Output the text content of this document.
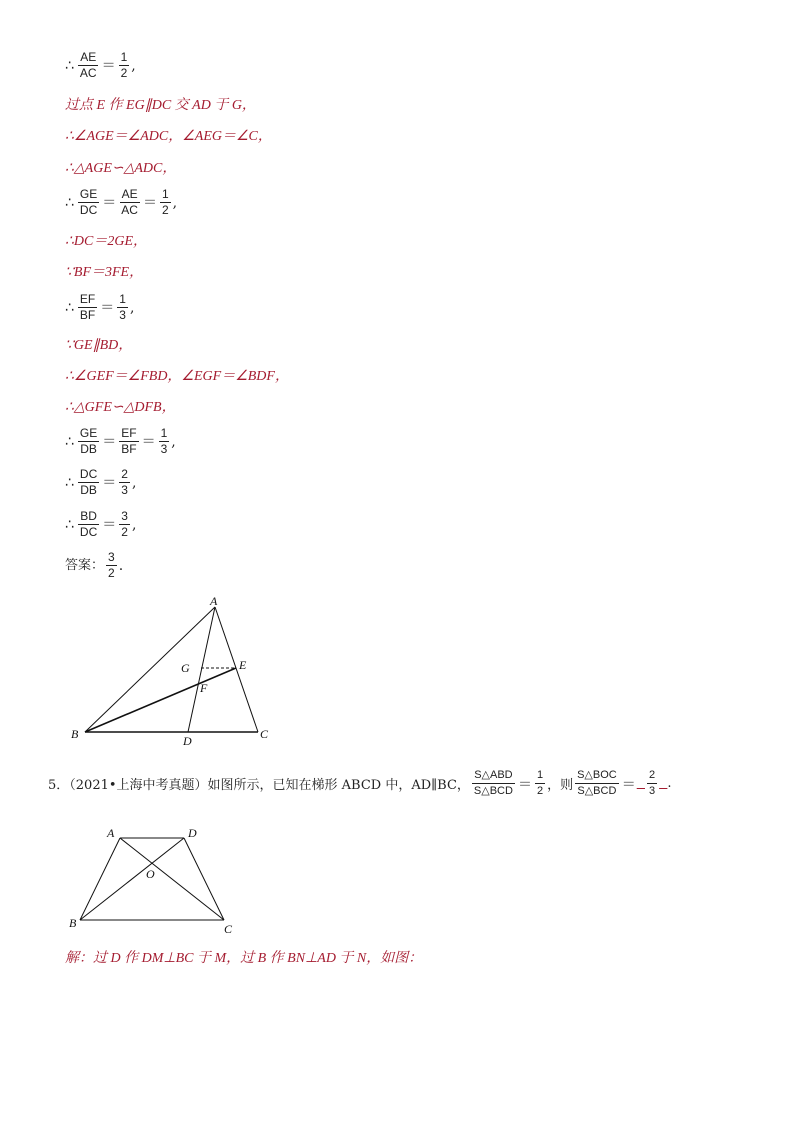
∴ $\frac{AE}{AC} = \frac{1}{2}$ ,
过点 E 作 EG∥DC 交 AD 于 G，
∴∠AGE＝∠ADC，∠AEG＝∠C，
∴△AGE∽△ADC，
∴ $\frac{GE}{DC} = \frac{AE}{AC} = \frac{1}{2}$ ,
∴DC＝2GE，
∵BF＝3FE，
∴ $\frac{EF}{BF} = \frac{1}{3}$ ,
∵GE∥BD，
∴∠GEF＝∠FBD，∠EGF＝∠BDF，
∴△GFE∽△DFB，
∴ $\frac{GE}{DB} = \frac{EF}{BF} = \frac{1}{3}$ ,
∴ $\frac{DC}{DB} = \frac{2}{3}$ ,
∴ $\frac{BD}{DC} = \frac{3}{2}$ ,
答案： $\frac{3}{2}$ .
A
B	C
D
E
F
G
5．（2021•上海中考真题）如图所示，已知在梯形 ABCD 中，AD∥BC， $\frac{\text{S△ABD}}{\text{S△BCD}} = \frac{1}{2}$ ，则 $\frac{\text{S△BOC}}{\text{S△BCD}}$ ＝
$\frac{2}{3}$
.
A	D
B	C
O
解：过 D 作 DM⊥BC 于 M，过 B 作 BN⊥AD 于 N，如图：
